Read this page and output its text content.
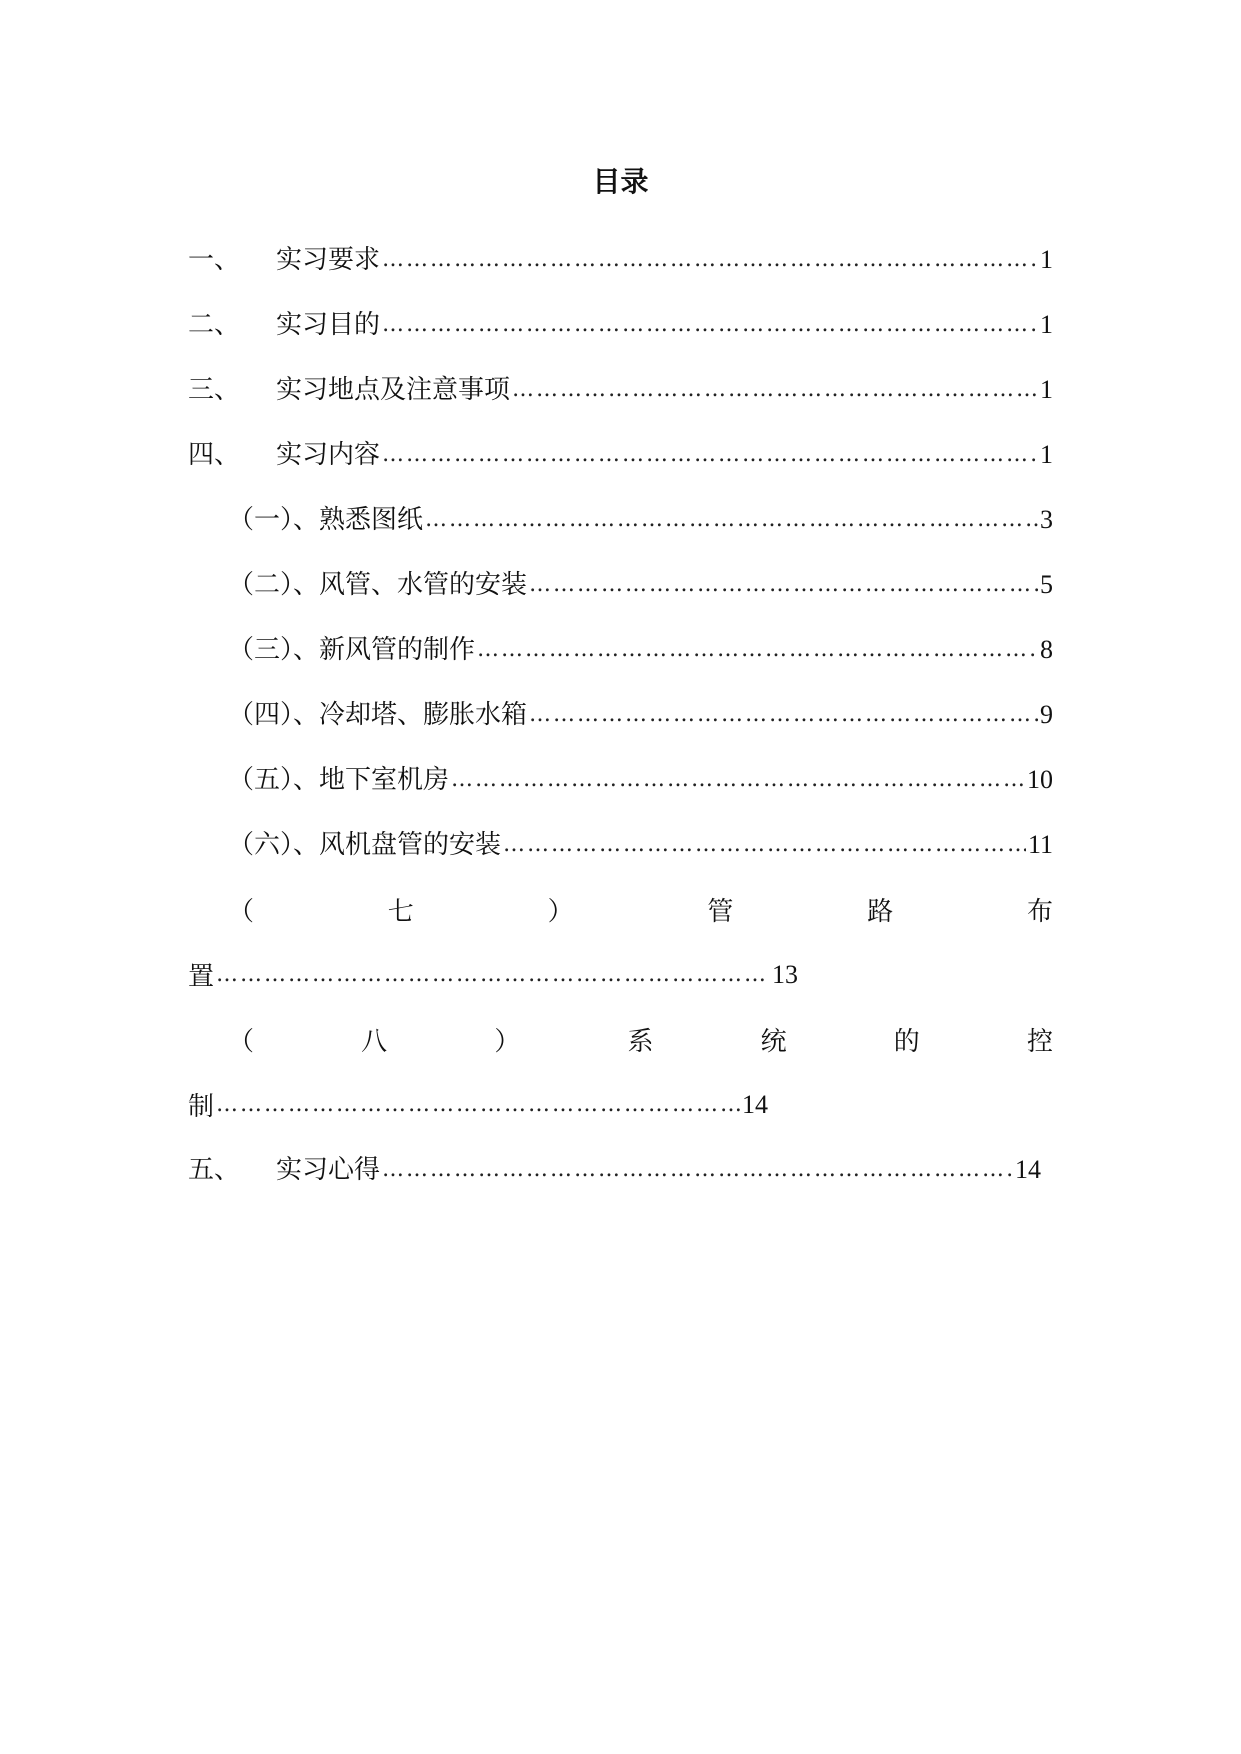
目录
一、	实习要求 …………………………………………………………………………………………………………………………………………………………………………	1
二、	实习目的 …………………………………………………………………………………………………………………………………………………………………………	1
三、	实习地点及注意事项 …………………………………………………………………………………………………………………………………………………………………………	1
四、	实习内容 …………………………………………………………………………………………………………………………………………………………………………	1
（一）、熟悉图纸 …………………………………………………………………………………………………………………………………………………………………………	3
（二）、风管、水管的安装 …………………………………………………………………………………………………………………………………………………………………………	5
（三）、新风管的制作 …………………………………………………………………………………………………………………………………………………………………………	8
（四）、冷却塔、膨胀水箱 …………………………………………………………………………………………………………………………………………………………………………	9
（五）、地下室机房 …………………………………………………………………………………………………………………………………………………………………………	10
（六）、风机盘管的安装 …………………………………………………………………………………………………………………………………………………………………………	11
（	七	）	管	路	布
置 …………………………………………………………………………………………………………………………………………………………………………	13
（	八	）	系	统	的	控
制 …………………………………………………………………………………………………………………………………………………………………………	14
五、	实习心得 …………………………………………………………………………………………………………………………………………………………………………	14
